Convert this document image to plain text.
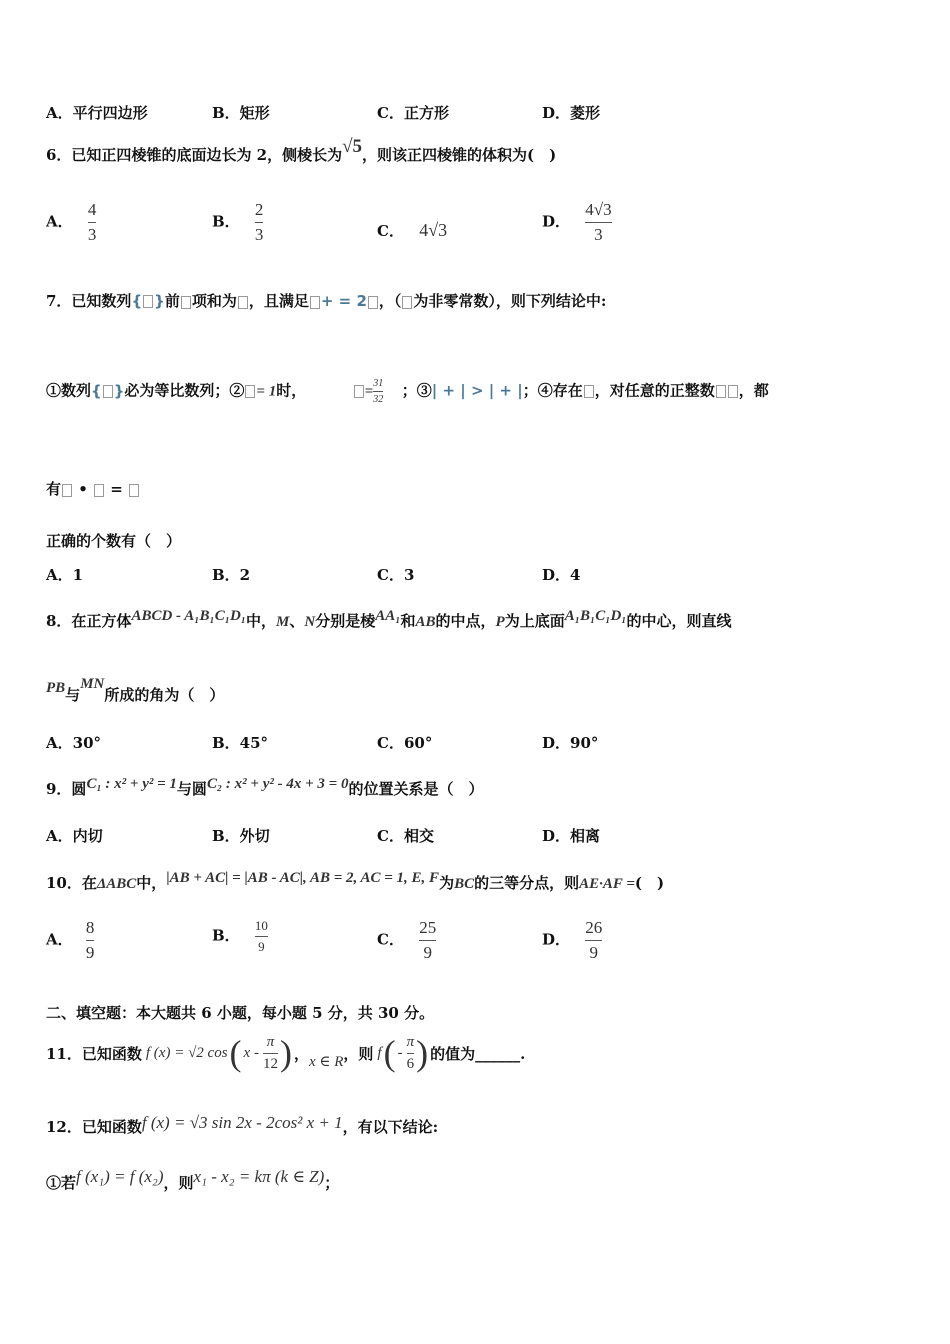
A．平行四边形	B．矩形	C．正方形	D．菱形
6．已知正四棱锥的底面边长为 2，侧棱长为√5，则该正四棱锥的体积为(　)
A． $\frac{4}{3}$	B． $\frac{2}{3}$	C． 4√3	D． $\frac{4√3}{3}$
7．已知数列{ }前 项和为 ，且满足 + = 2 ，（ 为非零常数），则下列结论中:
①数列{ }必为等比数列；② = 1时，	= $\frac{31}{32}$ ；③| + | > | + |；④存在 ，对任意的正整数 ，都
有 •  =
正确的个数有（　）
A．1	B．2	C．3	D．4
8．在正方体ABCD - A₁B₁C₁D₁中，M、N分别是棱AA₁和AB的中点，P为上底面A₁B₁C₁D₁的中心，则直线
PB与MN所成的角为（　）
A．30°	B．45°	C．60°	D．90°
9．圆C₁ : x² + y² = 1与圆C₂ : x² + y² - 4x + 3 = 0的位置关系是（　）
A．内切	B．外切	C．相交	D．相离
10．在ΔABC中，|AB + AC| = |AB - AC|, AB = 2, AC = 1, E, F为BC的三等分点，则AE·AF =(　)
A． $\frac{8}{9}$	B． $\frac{10}{9}$	C． $\frac{25}{9}$	D． $\frac{26}{9}$
二、填空题：本大题共 6 小题，每小题 5 分，共 30 分。
11．已知函数 f (x) = √2 cos ( x - $\frac{\pi}{12}$ ) ， x ∈ R ，则 f ( - $\frac{\pi}{6}$ ) 的值为______.
12．已知函数f (x) = √3 sin 2x - 2cos² x + 1，有以下结论:
①若f (x₁) = f (x₂)，则x₁ - x₂ = kπ (k ∈ Z)；
